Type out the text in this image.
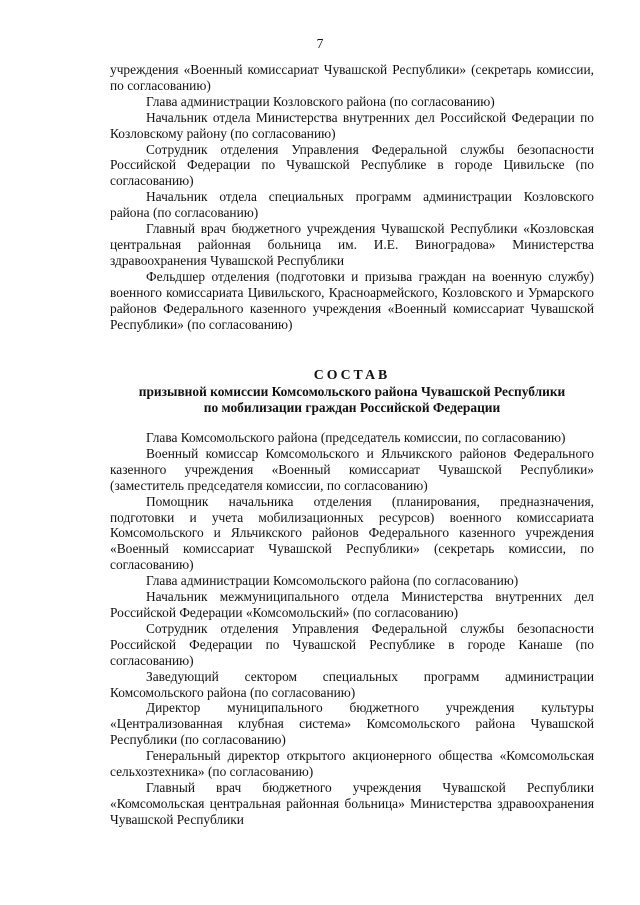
7

учреждения «Военный комиссариат Чувашской Республики» (секретарь комиссии, по согласованию)

Глава администрации Козловского района (по согласованию)

Начальник отдела Министерства внутренних дел Российской Федерации по Козловскому району (по согласованию)

Сотрудник отделения Управления Федеральной службы безопасности Российской Федерации по Чувашской Республике в городе Цивильске (по согласованию)

Начальник отдела специальных программ администрации Козловского района (по согласованию)

Главный врач бюджетного учреждения Чувашской Республики «Козловская центральная районная больница им. И.Е. Виноградова» Министерства здравоохранения Чувашской Республики

Фельдшер отделения (подготовки и призыва граждан на военную службу) военного комиссариата Цивильского, Красноармейского, Козловского и Урмарского районов Федерального казенного учреждения «Военный комиссариат Чувашской Республики» (по согласованию)

СОСТАВ
призывной комиссии Комсомольского района Чувашской Республики
по мобилизации граждан Российской Федерации

Глава Комсомольского района (председатель комиссии, по согласованию)

Военный комиссар Комсомольского и Яльчикского районов Федерального казенного учреждения «Военный комиссариат Чувашской Республики» (заместитель председателя комиссии, по согласованию)

Помощник начальника отделения (планирования, предназначения, подготовки и учета мобилизационных ресурсов) военного комиссариата Комсомольского и Яльчикского районов Федерального казенного учреждения «Военный комиссариат Чувашской Республики» (секретарь комиссии, по согласованию)

Глава администрации Комсомольского района (по согласованию)

Начальник межмуниципального отдела Министерства внутренних дел Российской Федерации «Комсомольский» (по согласованию)

Сотрудник отделения Управления Федеральной службы безопасности Российской Федерации по Чувашской Республике в городе Канаше (по согласованию)

Заведующий сектором специальных программ администрации Комсомольского района (по согласованию)

Директор муниципального бюджетного учреждения культуры «Централизованная клубная система» Комсомольского района Чувашской Республики (по согласованию)

Генеральный директор открытого акционерного общества «Комсомольская сельхозтехника» (по согласованию)

Главный врач бюджетного учреждения Чувашской Республики «Комсомольская центральная районная больница» Министерства здравоохранения Чувашской Республики
